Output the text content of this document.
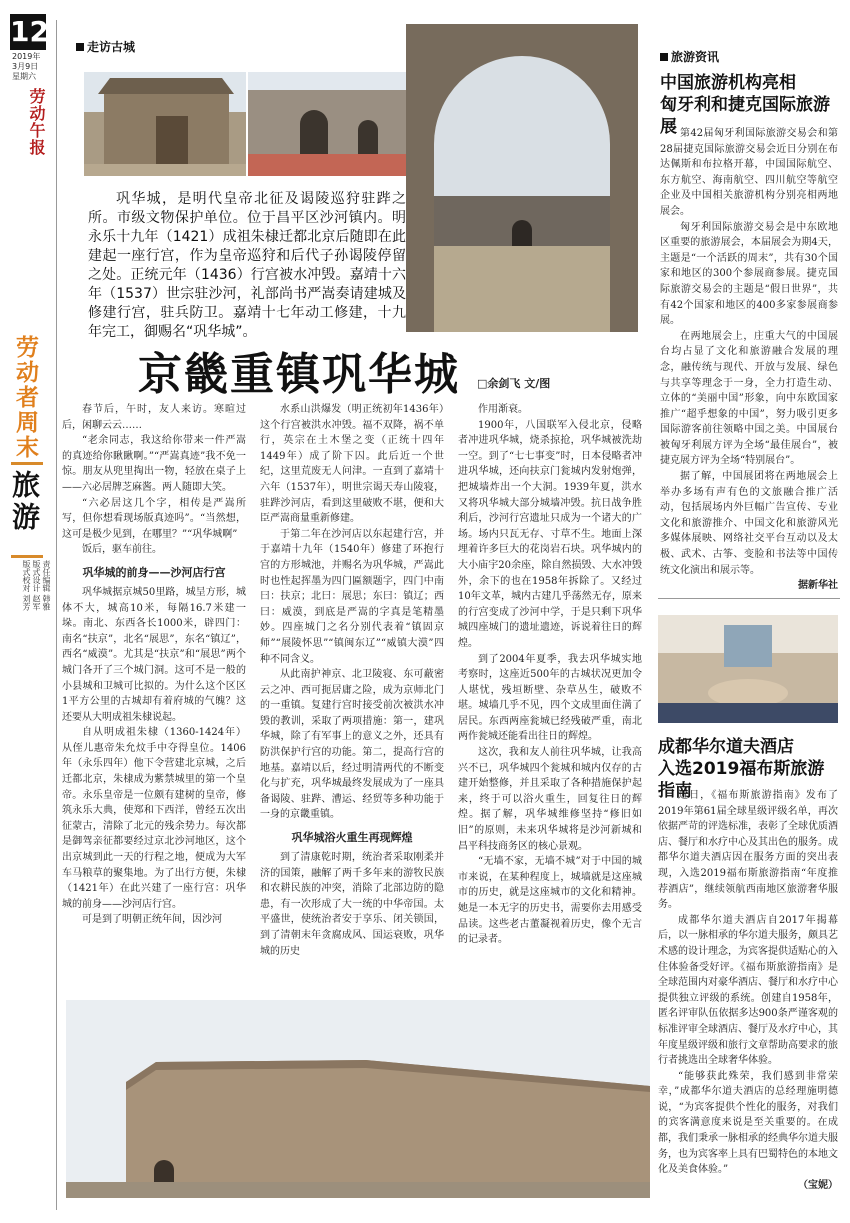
12
2019年
3月9日
星期六
劳动午报
劳动者周末
旅游
责任编辑 韩雅
版式设计 赵军
版式校对 刘芳
走访古城
巩华城，是明代皇帝北征及谒陵巡狩驻跸之所。市级文物保护单位。位于昌平区沙河镇内。明永乐十九年（1421）成祖朱棣迁都北京后随即在此建起一座行宫，作为皇帝巡狩和后代子孙谒陵停留之处。正统元年（1436）行宫被水冲毁。嘉靖十六年（1537）世宗驻沙河，礼部尚书严嵩奏请建城及修建行宫，驻兵防卫。嘉靖十七年动工修建，十九年完工，御赐名“巩华城”。
京畿重镇巩华城 □余剑飞 文/图

春节后，午时，友人来访。寒暄过后，闲聊云云……

“老余同志，我这给你带来一件严嵩的真迹给你瞅瞅啊。”“严嵩真迹”我不免一惊。朋友从兜里掏出一物，轻放在桌子上——六必居牌芝麻酱。两人随即大笑。

“六必居这几个字，相传是严嵩所写，但你想看现场版真迹吗”。“当然想，这可是极少见到，在哪里？”“巩华城啊”

饭后，驱车前往。

巩华城的前身——沙河店行宫

巩华城据京城50里路，城呈方形，城体不大，城高10米，每隔16.7米建一垛。南北、东西各长1000米，辟四门：南名“扶京”，北名“展思”，东名“镇辽”，西名“威漠”。尤其是“扶京”和“展思”两个城门各开了三个城门洞。这可不是一般的小县城和卫城可比拟的。为什么这个区区1平方公里的古城却有着府城的气魄？这还要从大明成祖朱棣说起。

自从明成祖朱棣（1360-1424年）从侄儿惠帝朱允炆手中夺得皇位。1406年（永乐四年）他下令营建北京城，之后迁都北京，朱棣成为紫禁城里的第一个皇帝。永乐皇帝是一位颇有建树的皇帝，修筑永乐大典，使郑和下西洋，曾经五次出征蒙古，清除了北元的残余势力。每次都是御驾亲征都要经过京北沙河地区，这个出京城到此一天的行程之地，便成为大军车马粮草的聚集地。为了出行方便，朱棣（1421年）在此兴建了一座行宫：巩华城的前身——沙河店行宫。

可是到了明朝正统年间，因沙河

水系山洪爆发（明正统初年1436年）这个行宫被洪水冲毁。福不双降，祸不单行，英宗在土木堡之变（正统十四年1449年）成了阶下囚。此后近一个世纪，这里荒废无人问津。一直到了嘉靖十六年（1537年），明世宗谒天寿山陵寝，驻跸沙河店，看到这里破败不堪，便和大臣严嵩商量重新修建。

于第二年在沙河店以东起建行宫，并于嘉靖十九年（1540年）修建了环抱行宫的方形城池，并赐名为巩华城，严嵩此时也性起挥墨为四门匾额题字，四门中南曰：扶京；北曰：展思；东曰：镇辽；西曰：威漠，到底是严嵩的字真是笔精墨妙。四座城门之名分别代表着“镇固京师”“展陵怀思”“镇闽东辽”“威镇大漠”四种不同含义。

从此南护神京、北卫陵寝、东可蔽密云之冲、西可扼居庸之险，成为京师北门的一重镇。复建行宫时接受前次被洪水冲毁的教训，采取了两项措施：第一，建巩华城，除了有军事上的意义之外，还具有防洪保护行宫的功能。第二，提高行宫的地基。嘉靖以后，经过明清两代的不断变化与扩充，巩华城最终发展成为了一座具备谒陵、驻跸、漕运、经贸等多种功能于一身的京畿重镇。

巩华城浴火重生再现辉煌

到了清康乾时期，统治者采取刚柔并济的国策，融解了两千多年来的游牧民族和农耕民族的冲突，消除了北部边防的隐患，有一次形成了大一统的中华帝国。太平盛世，使统治者安于享乐、闭关锁国，到了清朝末年贪腐成风、国运衰败，巩华城的历史

作用渐衰。

1900年，八国联军入侵北京，侵略者冲进巩华城，烧杀掠抢，巩华城被洗劫一空。到了“七七事变”时，日本侵略者冲进巩华城，还向扶京门瓮城内发射炮弹，把城墙炸出一个大洞。1939年夏，洪水又将巩华城大部分城墙冲毁。抗日战争胜利后，沙河行宫遗址只成为一个诸大的广场。场内只瓦无存、寸草不生。地面上深埋着许多巨大的花岗岩石块。巩华城内的大小庙宇20余座，除自然损毁、大水冲毁外，余下的也在1958年拆除了。又经过10年文革，城内古建几乎荡然无存，原来的行宫变成了沙河中学，于是只剩下巩华城四座城门的遗址遗迹，诉说着往日的辉煌。

到了2004年夏季，我去巩华城实地考察时，这座近500年的古城状况更加令人堪忧，残垣断壁、杂草丛生，破败不堪。城墙几乎不见，四个文成里面住满了居民。东西两座瓮城已经残破严重，南北两作瓮城还能看出往日的辉煌。

这次，我和友人前往巩华城，让我高兴不已，巩华城四个瓮城和城内仅存的古建开始整修，并且采取了各种措施保护起来，终于可以浴火重生，回复往日的辉煌。据了解，巩华城维修坚持“修旧如旧”的原则，未来巩华城将是沙河新城和昌平科技商务区的核心景观。

“无墙不家，无墙不城”对于中国的城市来说，在某种程度上，城墙就是这座城市的历史，就是这座城市的文化和精神。她是一本无字的历史书，需要你去用感受品读。这些老古董凝视着历史，像个无言的记录者。

旅游资讯
中国旅游机构亮相
匈牙利和捷克国际旅游展 第42届匈牙利国际旅游交易会和第28届捷克国际旅游交易会近日分别在布达佩斯和布拉格开幕，中国国际航空、东方航空、海南航空、四川航空等航空企业及中国相关旅游机构分别亮相两地展会。

匈牙利国际旅游交易会是中东欧地区重要的旅游展会，本届展会为期4天，主题是“一个活跃的周末”，共有30个国家和地区的300个参展商参展。捷克国际旅游交易会的主题是“假日世界”，共有42个国家和地区的400多家参展商参展。

在两地展会上，庄重大气的中国展台均占显了文化和旅游融合发展的理念，融传统与现代、开放与发展、绿色与共享等理念于一身，全力打造生动、立体的“美丽中国”形象，向中东欧国家推广“超乎想象的中国”，努力吸引更多国际游客前往领略中国之美。中国展台被匈牙利展方评为全场“最佳展台”，被捷克展方评为全场“特别展台”。

据了解，中国展团将在两地展会上举办多场有声有色的文旅融合推广活动，包括展场内外巨幅广告宣传、专业文化和旅游推介、中国文化和旅游风光多媒体展映、网络社交平台互动以及太极、武术、古筝、变脸和书法等中国传统文化演出和展示等。

据新华社
成都华尔道夫酒店
入选2019福布斯旅游指南

近日，《福布斯旅游指南》发布了2019年第61届全球星级评级名单，再次依据严苛的评选标准，表彰了全球优质酒店、餐厅和水疗中心及其出色的服务。成都华尔道夫酒店因在服务方面的突出表现，入选2019福布斯旅游指南“年度推荐酒店”，继续领航西南地区旅游奢华服务。

成都华尔道夫酒店自2017年揭幕后，以一脉相承的华尔道夫服务，颇具艺术感的设计理念，为宾客提供适贴心的入住体验备受好评。《福布斯旅游指南》是全球范围内对豪华酒店、餐厅和水疗中心提供独立评级的系统。创建自1958年，匿名评审队伍依据多达900条严谨客观的标准评审全球酒店、餐厅及水疗中心，其年度星级评级和旅行文章帮助高要求的旅行者挑选出全球奢华体验。

“能够获此殊荣，我们感到非常荣幸，”成都华尔道夫酒店的总经理施明德说，“为宾客提供个性化的服务，对我们的宾客满意度来说是至关重要的。在成都，我们秉承一脉相承的经典华尔道夫服务，也为宾客率上具有巴蜀特色的本地文化及美食体验。”

（宝妮）
